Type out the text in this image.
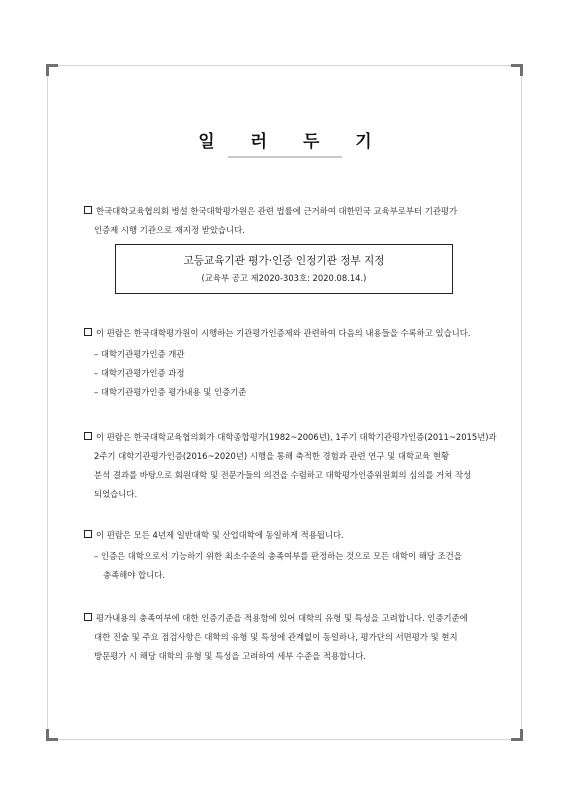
일 러 두 기
한국대학교육협의회 병설 한국대학평가원은 관련 법률에 근거하여 대한민국 교육부로부터 기관평가
인증제 시행 기관으로 재지정 받았습니다.
고등교육기관 평가·인증 인정기관 정부 지정
(교육부 공고 제2020-303호: 2020.08.14.)
이 편람은 한국대학평가원이 시행하는 기관평가인증제와 관련하여 다음의 내용들을 수록하고 있습니다.
– 대학기관평가인증 개관
– 대학기관평가인증 과정
– 대학기관평가인증 평가내용 및 인증기준
이 편람은 한국대학교육협의회가 대학종합평가(1982~2006년), 1주기 대학기관평가인증(2011~2015년)과
2주기 대학기관평가인증(2016~2020년) 시행을 통해 축적한 경험과 관련 연구 및 대학교육 현황
분석 결과를 바탕으로 회원대학 및 전문가들의 의견을 수렴하고 대학평가인증위원회의 심의를 거쳐 작성
되었습니다.
이 편람은 모든 4년제 일반대학 및 산업대학에 동일하게 적용됩니다.
– 인증은 대학으로서 기능하기 위한 최소수준의 충족여부를 판정하는 것으로 모든 대학이 해당 조건을
충족해야 합니다.
평가내용의 충족여부에 대한 인증기준을 적용함에 있어 대학의 유형 및 특성을 고려합니다. 인증기준에
대한 진술 및 주요 점검사항은 대학의 유형 및 특성에 관계없이 동일하나, 평가단의 서면평가 및 현지
방문평가 시 해당 대학의 유형 및 특성을 고려하여 세부 수준을 적용합니다.
